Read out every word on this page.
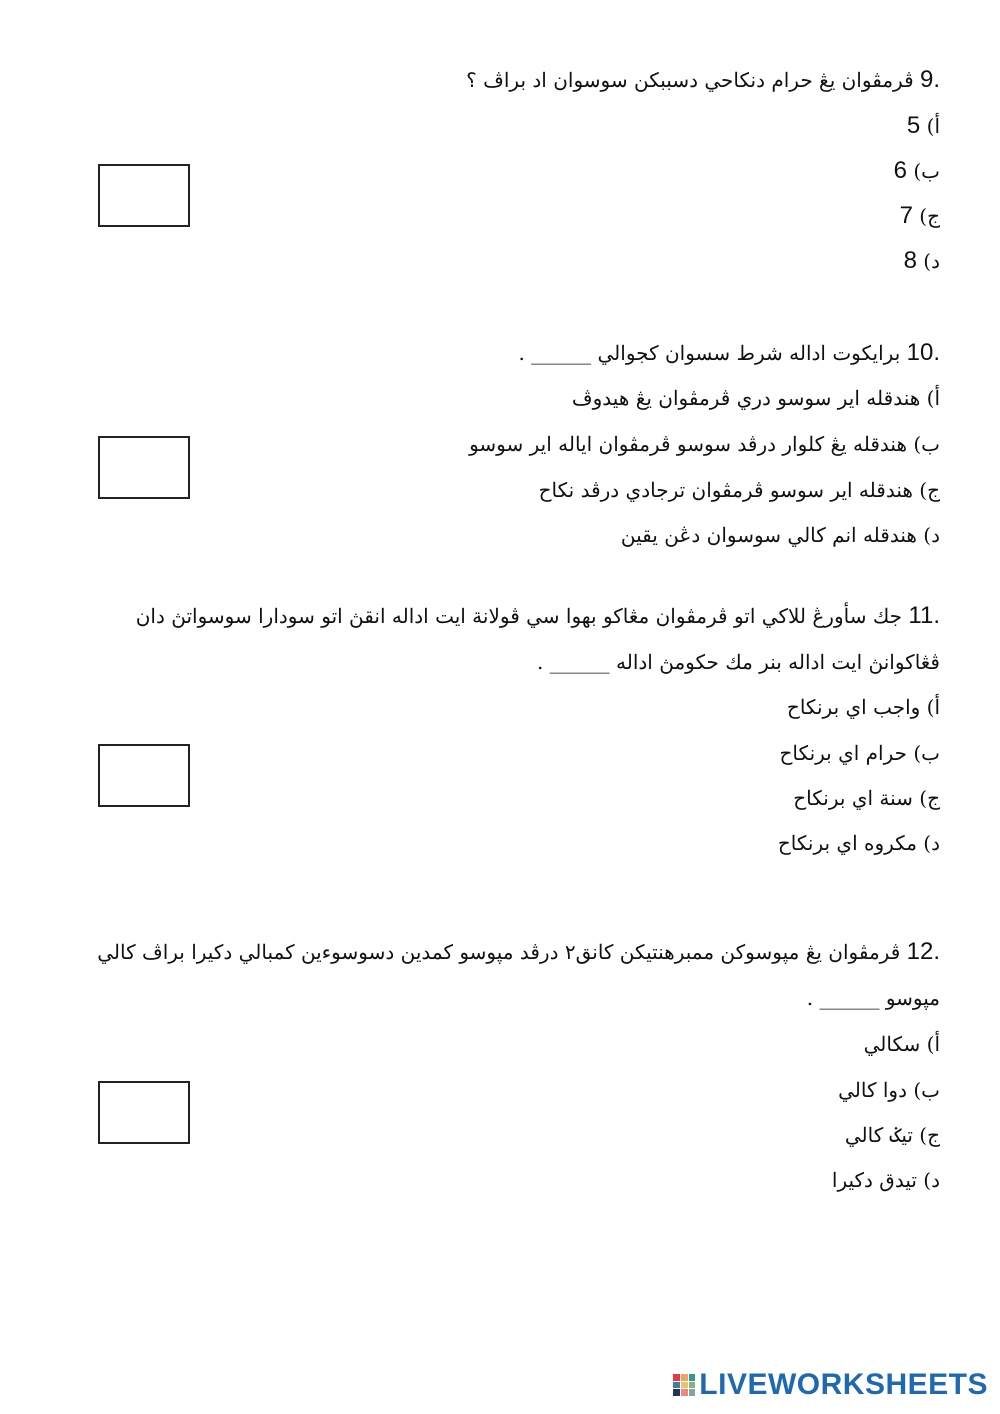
9. ڤرمڤوان يڠ حرام دنكاحي دسببكن سوسوان اد براڤ ؟
أ) 5
ب) 6
ج) 7
د) 8
10. برايكوت اداله شرط سسوان كجوالي ______ .
أ) هندقله اير سوسو دري ڤرمڤوان يڠ هيدوڤ
ب) هندقله يڠ كلوار درڤد سوسو ڤرمڤوان اياله اير سوسو
ج) هندقله اير سوسو ڤرمڤوان ترجادي درڤد نكاح
د) هندقله انم كالي سوسوان دڠن يقين
11. جك سأورڠ للاكي اتو ڤرمڤوان مڠاكو بهوا سي ڤولانة ايت اداله انقڽ اتو سودارا سوسواتڽ دان
ڤڠاكوانڽ ايت اداله بنر مك حكومڽ اداله ______ .
أ) واجب اي برنكاح
ب) حرام اي برنكاح
ج) سنة اي برنكاح
د) مكروه اي برنكاح
12. ڤرمڤوان يڠ مپوسوكن ممبرهنتيكن كانق٢ درڤد مپوسو كمدين دسوسوءين كمبالي دكيرا براڤ كالي
مپوسو ______ .
أ) سكالي
ب) دوا كالي
ج) تيݢ كالي
د) تيدق دكيرا
LIVEWORKSHEETS
